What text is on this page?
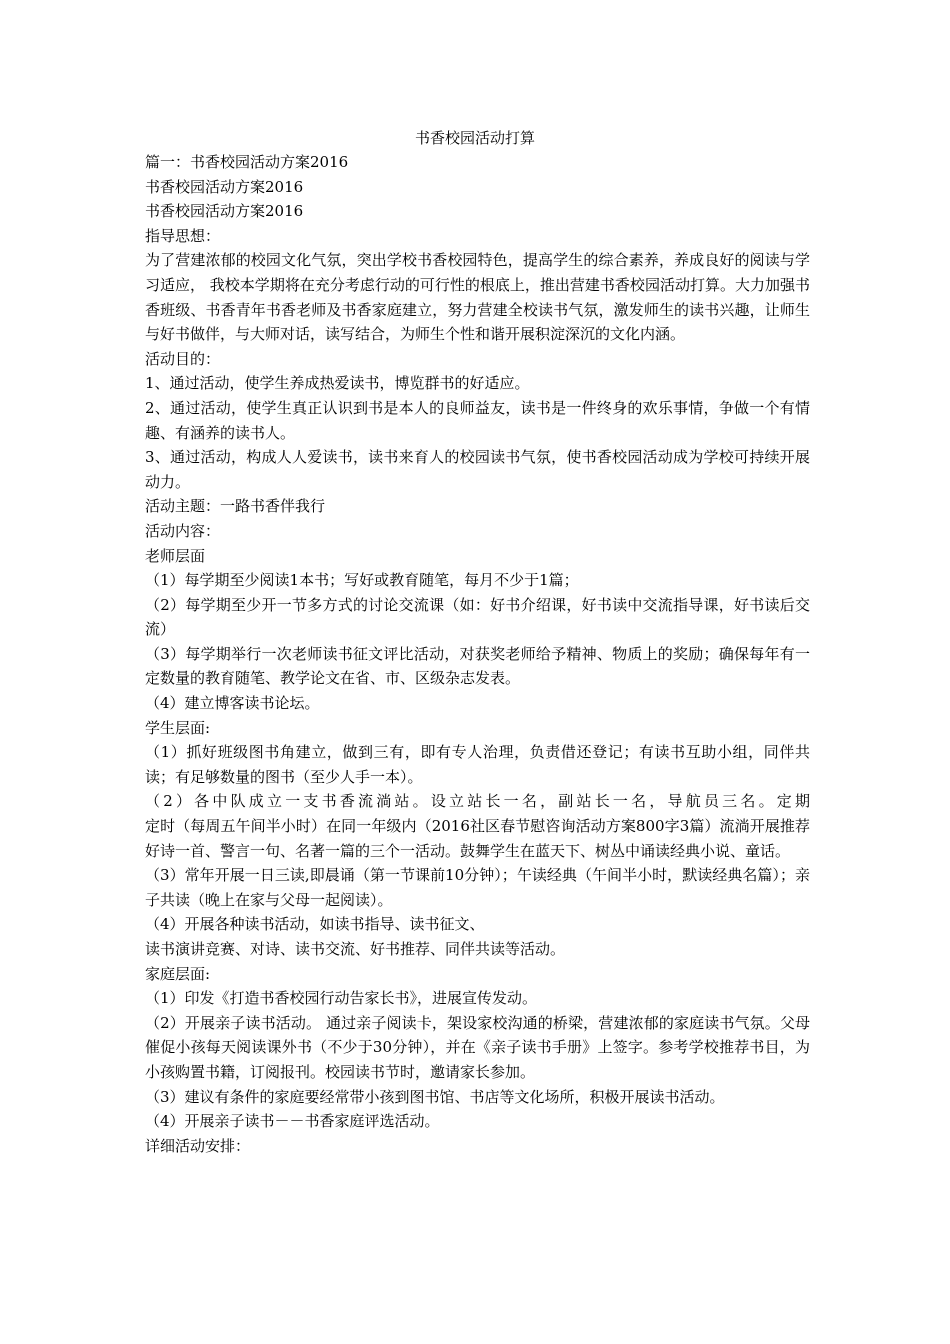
书香校园活动打算

篇一：书香校园活动方案2016

书香校园活动方案2016

书香校园活动方案2016

指导思想：

为了营建浓郁的校园文化气氛，突出学校书香校园特色，提高学生的综合素养，养成良好的阅读与学习适应， 我校本学期将在充分考虑行动的可行性的根底上，推出营建书香校园活动打算。大力加强书香班级、书香青年书香老师及书香家庭建立，努力营建全校读书气氛，激发师生的读书兴趣，让师生与好书做伴，与大师对话，读写结合，为师生个性和谐开展积淀深沉的文化内涵。

活动目的：

1、通过活动，使学生养成热爱读书，博览群书的好适应。

2、通过活动，使学生真正认识到书是本人的良师益友，读书是一件终身的欢乐事情，争做一个有情趣、有涵养的读书人。

3、通过活动，构成人人爱读书，读书来育人的校园读书气氛，使书香校园活动成为学校可持续开展动力。

活动主题：一路书香伴我行

活动内容：

老师层面

（1）每学期至少阅读1本书；写好或教育随笔，每月不少于1篇；

（2）每学期至少开一节多方式的讨论交流课（如：好书介绍课，好书读中交流指导课，好书读后交流）

（3）每学期举行一次老师读书征文评比活动，对获奖老师给予精神、物质上的奖励；确保每年有一定数量的教育随笔、教学论文在省、市、区级杂志发表。

（4）建立博客读书论坛。

学生层面:

（1）抓好班级图书角建立，做到三有，即有专人治理，负责借还登记；有读书互助小组，同伴共读；有足够数量的图书（至少人手一本）。

（2）各中队成立一支书香流淌站。设立站长一名，副站长一名，导航员三名。定期

定时（每周五午间半小时）在同一年级内（2016社区春节慰咨询活动方案800字3篇）流淌开展推荐好诗一首、警言一句、名著一篇的三个一活动。鼓舞学生在蓝天下、树丛中诵读经典小说、童话。

（3）常年开展一日三读,即晨诵（第一节课前10分钟）；午读经典（午间半小时，默读经典名篇）；亲子共读（晚上在家与父母一起阅读）。

（4）开展各种读书活动，如读书指导、读书征文、

读书演讲竞赛、对诗、读书交流、好书推荐、同伴共读等活动。

家庭层面:

（1）印发《打造书香校园行动告家长书》，进展宣传发动。

（2）开展亲子读书活动。 通过亲子阅读卡，架设家校沟通的桥梁，营建浓郁的家庭读书气氛。父母催促小孩每天阅读课外书（不少于30分钟），并在《亲子读书手册》上签字。参考学校推荐书目，为小孩购置书籍，订阅报刊。校园读书节时，邀请家长参加。

（3）建议有条件的家庭要经常带小孩到图书馆、书店等文化场所，积极开展读书活动。

（4）开展亲子读书－－书香家庭评选活动。

详细活动安排：
